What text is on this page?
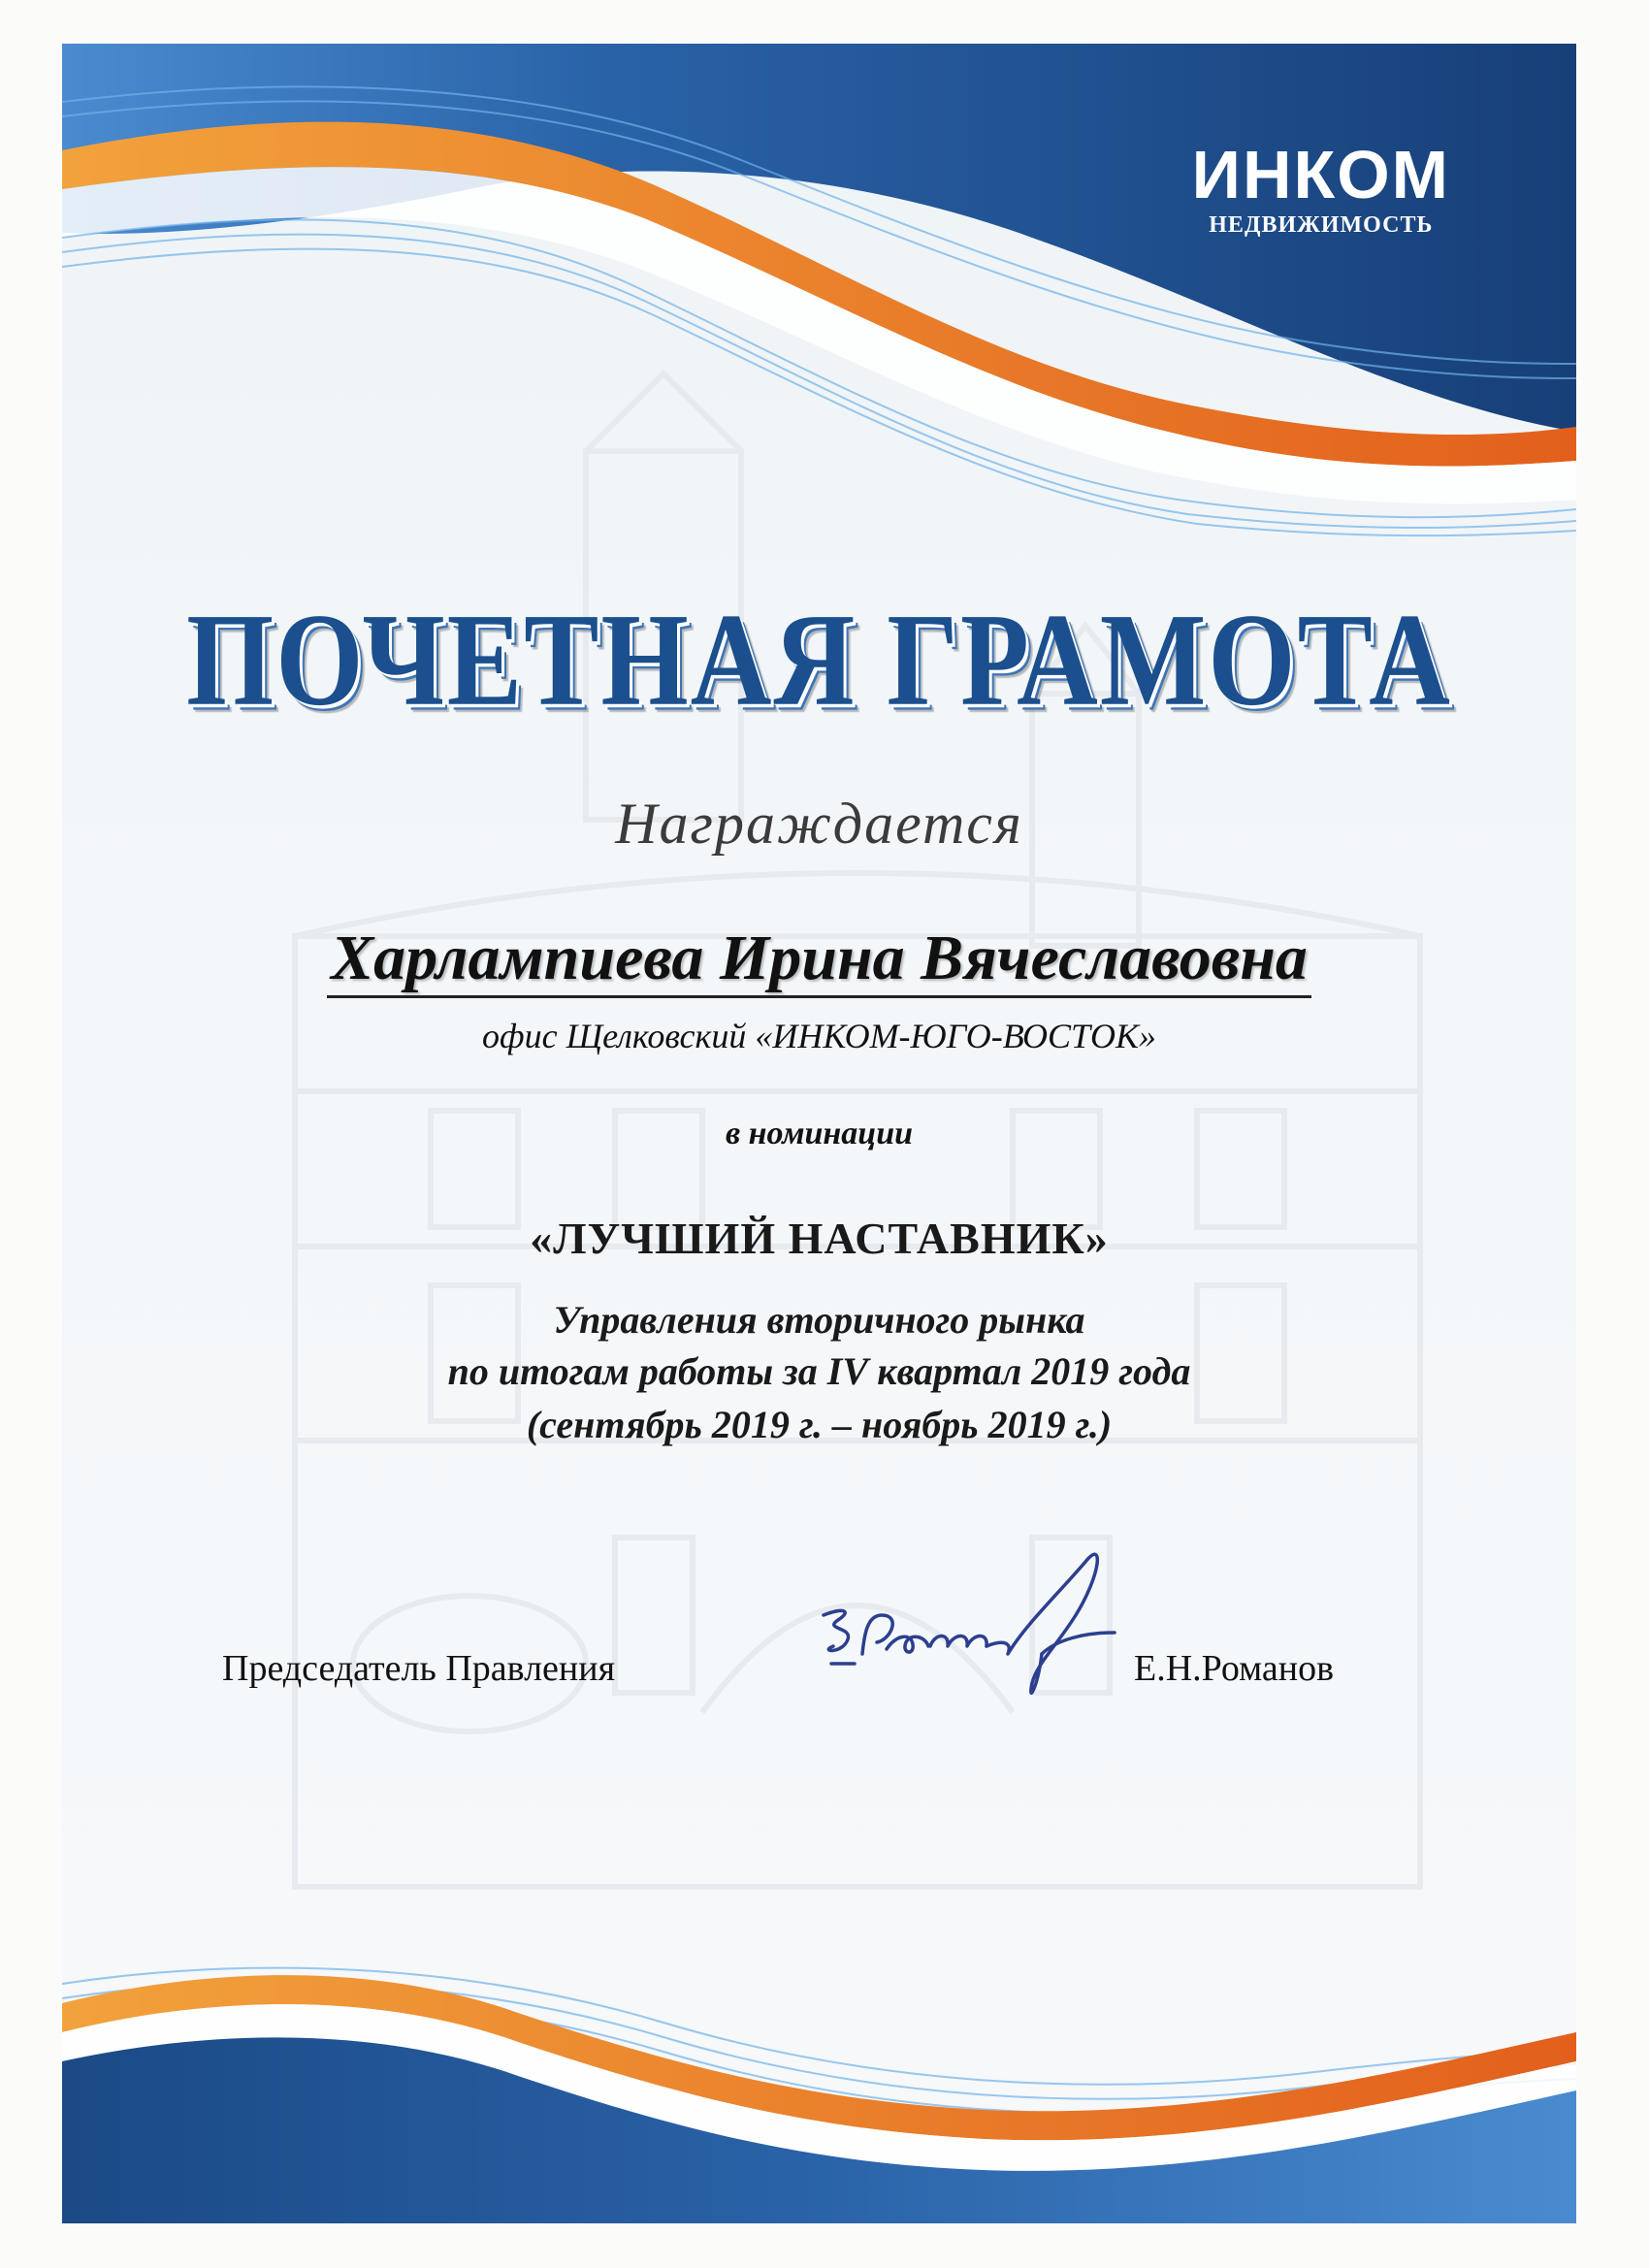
ИНКОМ
НЕДВИЖИМОСТЬ
ПОЧЕТНАЯ ГРАМОТА
Награждается
Харлампиева Ирина Вячеславовна
офис Щелковский «ИНКОМ-ЮГО-ВОСТОК»
в номинации
«ЛУЧШИЙ НАСТАВНИК»
Управления вторичного рынка
по итогам работы за IV квартал 2019 года
(сентябрь 2019 г. – ноябрь 2019 г.)
Председатель Правления	Е.Н.Романов
